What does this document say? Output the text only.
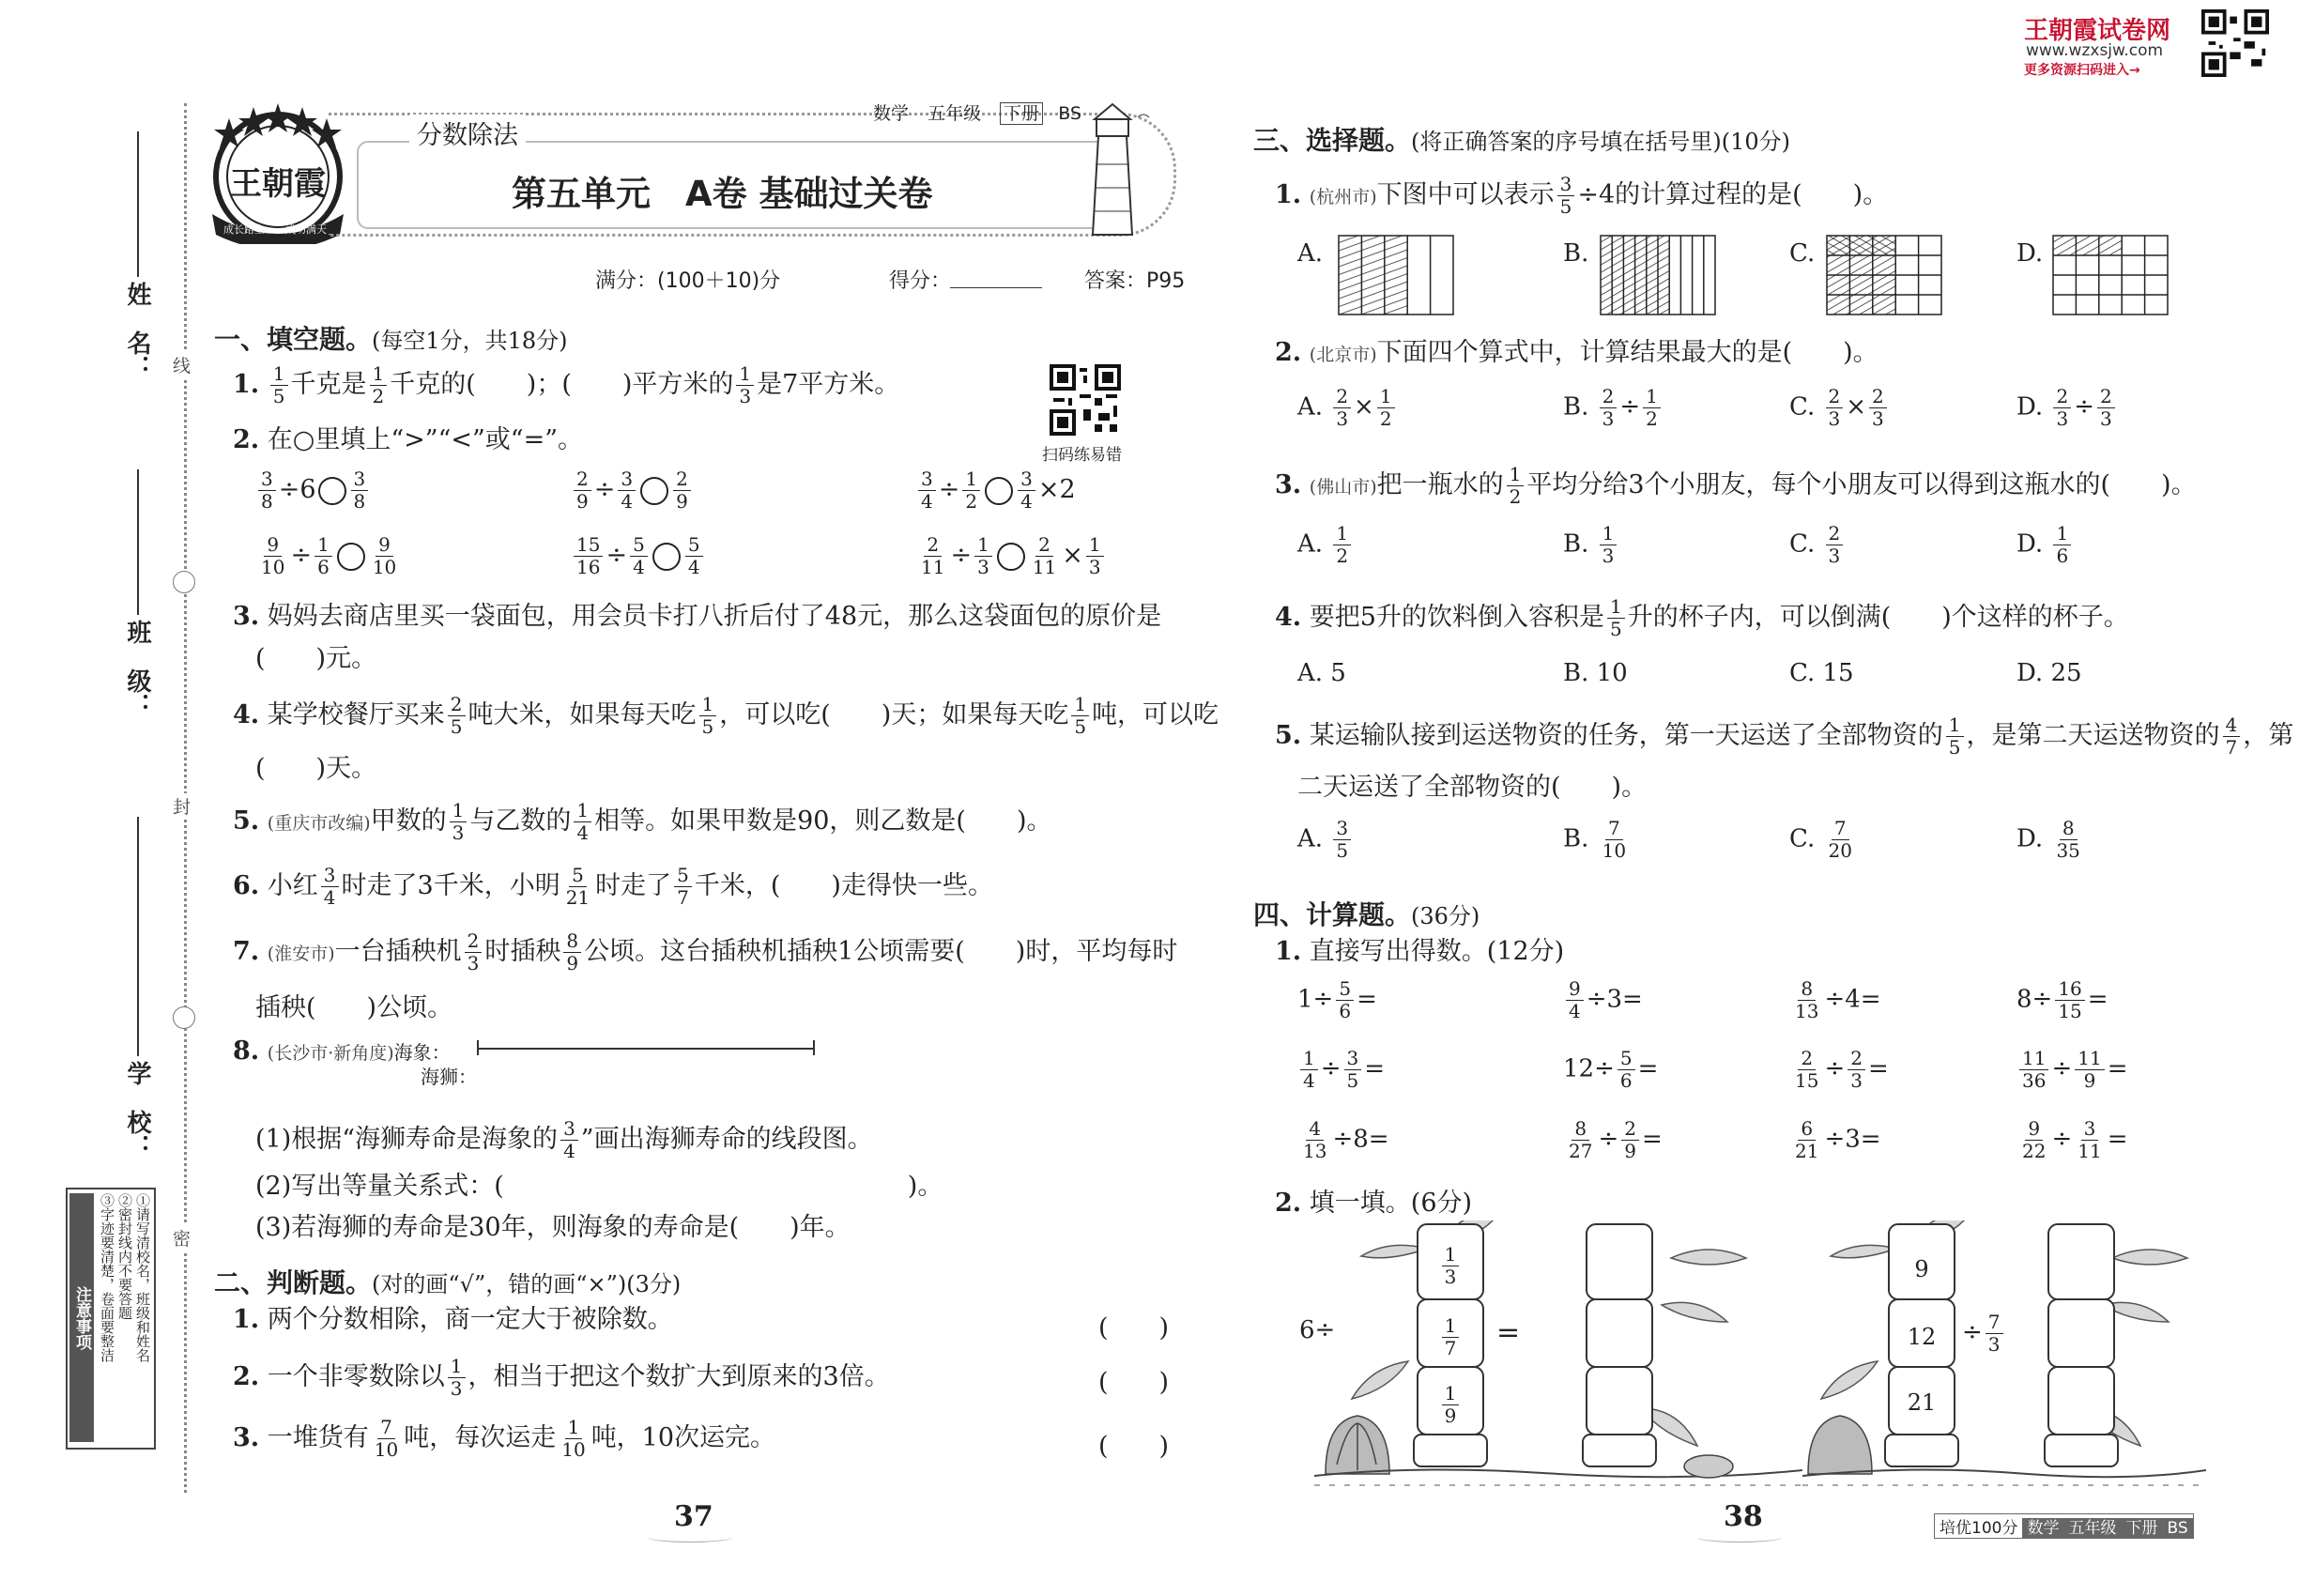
线
封
密
姓　名：
班　级：
学　校：
注意事项	①请写清校名，班级和姓名
②密封线内不要答题
③字迹要清楚，卷面要整洁
王朝霞
成长路上 成功满天
分数除法
数学 五年级 下册 BS
第五单元　A卷 基础过关卷
满分：(100＋10)分	得分：	答案：P95
扫码练易错
一、填空题。(每空1分，共18分)
1. $\frac{1}{5}$ 千克是 $\frac{1}{2}$ 千克的(　　)；(　　)平方米的 $\frac{1}{3}$ 是7平方米。
2. 在○里填上“>”“<”或“=”。
$\frac{3}{8} \div 6 \frac{3}{8}$	$\frac{2}{9} \div \frac{3}{4} \frac{2}{9}$	$\frac{3}{4} \div \frac{1}{2} \frac{3}{4} \times 2$
$\frac{9}{10} \div \frac{1}{6} \frac{9}{10}$	$\frac{15}{16} \div \frac{5}{4} \frac{5}{4}$	$\frac{2}{11} \div \frac{1}{3} \frac{2}{11} \times \frac{1}{3}$
3. 妈妈去商店里买一袋面包，用会员卡打八折后付了48元，那么这袋面包的原价是
(　　)元。
4. 某学校餐厅买来 $\frac{2}{5}$ 吨大米，如果每天吃 $\frac{1}{5}$ ，可以吃(　　)天；如果每天吃 $\frac{1}{5}$ 吨，可以吃
(　　)天。
5. (重庆市改编)甲数的 $\frac{1}{3}$ 与乙数的 $\frac{1}{4}$ 相等。如果甲数是90，则乙数是(　　)。
6. 小红 $\frac{3}{4}$ 时走了3千米，小明 $\frac{5}{21}$ 时走了 $\frac{5}{7}$ 千米，(　　)走得快一些。
7. (淮安市)一台插秧机 $\frac{2}{3}$ 时插秧 $\frac{8}{9}$ 公顷。这台插秧机插秧1公顷需要(　　)时，平均每时
插秧(　　)公顷。
8. (长沙市·新角度)海象：
海狮：
(1)根据“海狮寿命是海象的 $\frac{3}{4}$ ”画出海狮寿命的线段图。
(2)写出等量关系式：(	)。
(3)若海狮的寿命是30年，则海象的寿命是(　　)年。
二、判断题。(对的画“√”，错的画“×”)(3分)
1. 两个分数相除，商一定大于被除数。	(　　)
2. 一个非零数除以 $\frac{1}{3}$ ，相当于把这个数扩大到原来的3倍。	(　　)
3. 一堆货有 $\frac{7}{10}$ 吨，每次运走 $\frac{1}{10}$ 吨，10次运完。	(　　)
37
王朝霞试卷网
www.wzxsjw.com
更多资源扫码进入→
三、选择题。(将正确答案的序号填在括号里)(10分)
1. (杭州市)下图中可以表示 $\frac{3}{5} \div 4$的计算过程的是(　　)。
A.	B.	C.	D.
2. (北京市)下面四个算式中，计算结果最大的是(　　)。
A. $\frac{2}{3} \times \frac{1}{2}$	B. $\frac{2}{3} \div \frac{1}{2}$	C. $\frac{2}{3} \times \frac{2}{3}$	D. $\frac{2}{3} \div \frac{2}{3}$
3. (佛山市)把一瓶水的 $\frac{1}{2}$ 平均分给3个小朋友，每个小朋友可以得到这瓶水的(　　)。
A. $\frac{1}{2}$	B. $\frac{1}{3}$	C. $\frac{2}{3}$	D. $\frac{1}{6}$
4. 要把5升的饮料倒入容积是 $\frac{1}{5}$ 升的杯子内，可以倒满(　　)个这样的杯子。
A. 5	B. 10	C. 15	D. 25
5. 某运输队接到运送物资的任务，第一天运送了全部物资的 $\frac{1}{5}$ ，是第二天运送物资的 $\frac{4}{7}$ ，第
二天运送了全部物资的(　　)。
A. $\frac{3}{5}$	B. $\frac{7}{10}$	C. $\frac{7}{20}$	D. $\frac{8}{35}$
四、计算题。(36分)
1. 直接写出得数。(12分)
$1\div \frac{5}{6}$ =	$\frac{9}{4} \div 3=$	$\frac{8}{13} \div 4=$	$8\div \frac{16}{15}$ =
$\frac{1}{4} \div \frac{3}{5}$ =	$12\div \frac{5}{6}$ =	$\frac{2}{15} \div \frac{2}{3}$ =	$\frac{11}{36} \div \frac{11}{9}$ =
$\frac{4}{13} \div 8=$	$\frac{8}{27} \div \frac{2}{9}$ =	$\frac{6}{21} \div 3=$	$\frac{9}{22} \div \frac{3}{11}$ =
2. 填一填。(6分)
6÷
$\frac{1}{3}$
$\frac{1}{7}$
$\frac{1}{9}$
=
9
12
21
÷ $\frac{7}{3}$
38	培优100分 数学 五年级 下册 BS
